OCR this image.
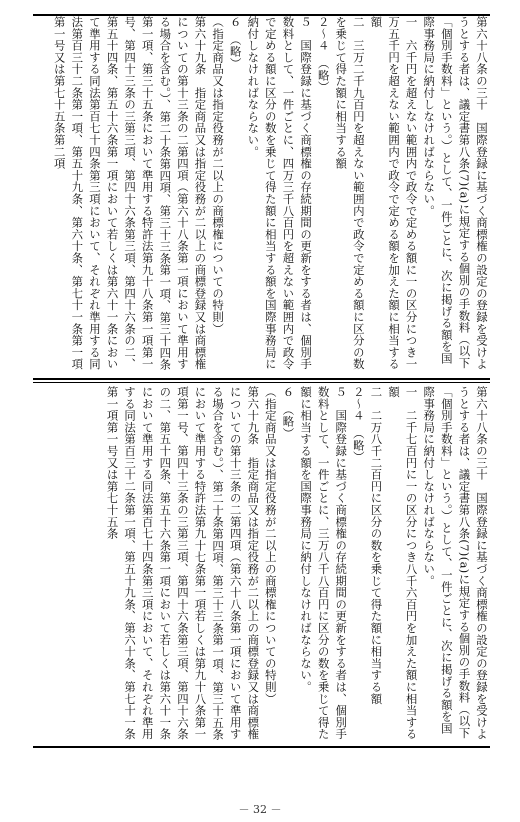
第六十八条の三十　国際登録に基づく商標権の設定の登録を受けようとする者は、議定書第八条(7)(a)に規定する個別の手数料（以下「個別手数料」という。）として、一件ごとに、次に掲げる額を国際事務局に納付しなければならない。
一　六千円を超えない範囲内で政令で定める額に一の区分につき一万五千円を超えない範囲内で政令で定める額を加えた額に相当する額
二　三万二千九百円を超えない範囲内で政令で定める額に区分の数を乗じて得た額に相当する額
２～４　（略）
５　国際登録に基づく商標権の存続期間の更新をする者は、個別手数料として、一件ごとに、四万三千八百円を超えない範囲内で政令で定める額に区分の数を乗じて得た額に相当する額を国際事務局に納付しなければならない。
６　（略）
（指定商品又は指定役務が二以上の商標権についての特則）
第六十九条　指定商品又は指定役務が二以上の商標登録又は商標権についての第十三条の二第四項（第六十八条第一項において準用する場合を含む。）、第二十条第四項、第三十三条第一項、第三十四条第一項、第三十五条において準用する特許法第九十八条第一項第一号、第四十三条の三第三項、第四十六条第三項、第四十六条の二、第五十四条、第五十六条第一項において若しくは第六十一条において準用する同法第百七十四条第三項において、それぞれ準用する同法第百三十二条第一項、第五十九条、第六十条、第七十一条第一項第一号又は第七十五条第二項
第六十八条の三十　国際登録に基づく商標権の設定の登録を受けようとする者は、議定書第八条(7)(a)に規定する個別の手数料（以下「個別手数料」という。）として、一件ごとに、次に掲げる額を国際事務局に納付しなければならない。
一　二千七百円に一の区分につき八千六百円を加えた額に相当する額
二　二万八千二百円に区分の数を乗じて得た額に相当する額
２～４　（略）
５　国際登録に基づく商標権の存続期間の更新をする者は、個別手数料として、一件ごとに、三万八千八百円に区分の数を乗じて得た額に相当する額を国際事務局に納付しなければならない。
６　（略）
（指定商品又は指定役務が二以上の商標権についての特則）
第六十九条　指定商品又は指定役務が二以上の商標登録又は商標権についての第十三条の二第四項（第六十八条第一項において準用する場合を含む。）、第二十条第四項、第三十三条第一項、第三十五条において準用する特許法第九十七条第一項若しくは第九十八条第一項第一号、第四十三条の三第三項、第四十六条第三項、第四十六条の二、第五十四条、第五十六条第一項において若しくは第六十一条において準用する同法第百七十四条第三項において、それぞれ準用する同法第百三十二条第一項、第五十九条、第六十条、第七十一条第一項第一号又は第七十五条
－ 32 －
